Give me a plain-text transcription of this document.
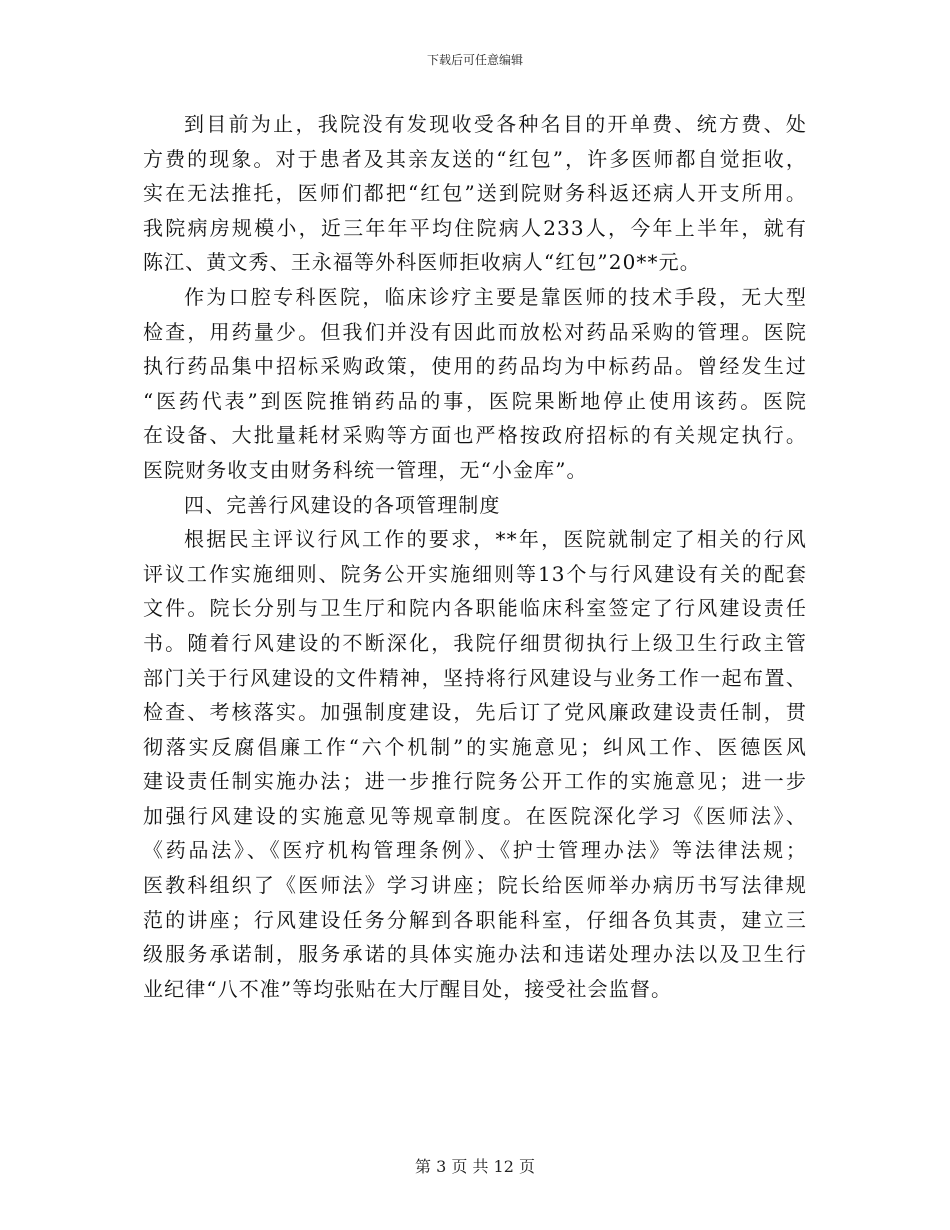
下载后可任意编辑
到目前为止，我院没有发现收受各种名目的开单费、统方费、处
方费的现象。对于患者及其亲友送的“红包”，许多医师都自觉拒收，
实在无法推托，医师们都把“红包”送到院财务科返还病人开支所用。
我院病房规模小，近三年年平均住院病人233人，今年上半年，就有
陈江、黄文秀、王永福等外科医师拒收病人“红包”20**元。
作为口腔专科医院，临床诊疗主要是靠医师的技术手段，无大型
检查，用药量少。但我们并没有因此而放松对药品采购的管理。医院
执行药品集中招标采购政策，使用的药品均为中标药品。曾经发生过
“医药代表”到医院推销药品的事，医院果断地停止使用该药。医院
在设备、大批量耗材采购等方面也严格按政府招标的有关规定执行。
医院财务收支由财务科统一管理，无“小金库”。
四、完善行风建设的各项管理制度
根据民主评议行风工作的要求，**年，医院就制定了相关的行风
评议工作实施细则、院务公开实施细则等13个与行风建设有关的配套
文件。院长分别与卫生厅和院内各职能临床科室签定了行风建设责任
书。随着行风建设的不断深化，我院仔细贯彻执行上级卫生行政主管
部门关于行风建设的文件精神，坚持将行风建设与业务工作一起布置、
检查、考核落实。加强制度建设，先后订了党风廉政建设责任制，贯
彻落实反腐倡廉工作“六个机制”的实施意见；纠风工作、医德医风
建设责任制实施办法；进一步推行院务公开工作的实施意见；进一步
加强行风建设的实施意见等规章制度。在医院深化学习《医师法》、
《药品法》、《医疗机构管理条例》、《护士管理办法》等法律法规；
医教科组织了《医师法》学习讲座；院长给医师举办病历书写法律规
范的讲座；行风建设任务分解到各职能科室，仔细各负其责，建立三
级服务承诺制，服务承诺的具体实施办法和违诺处理办法以及卫生行
业纪律“八不准”等均张贴在大厅醒目处，接受社会监督。
第 3 页 共 12 页
